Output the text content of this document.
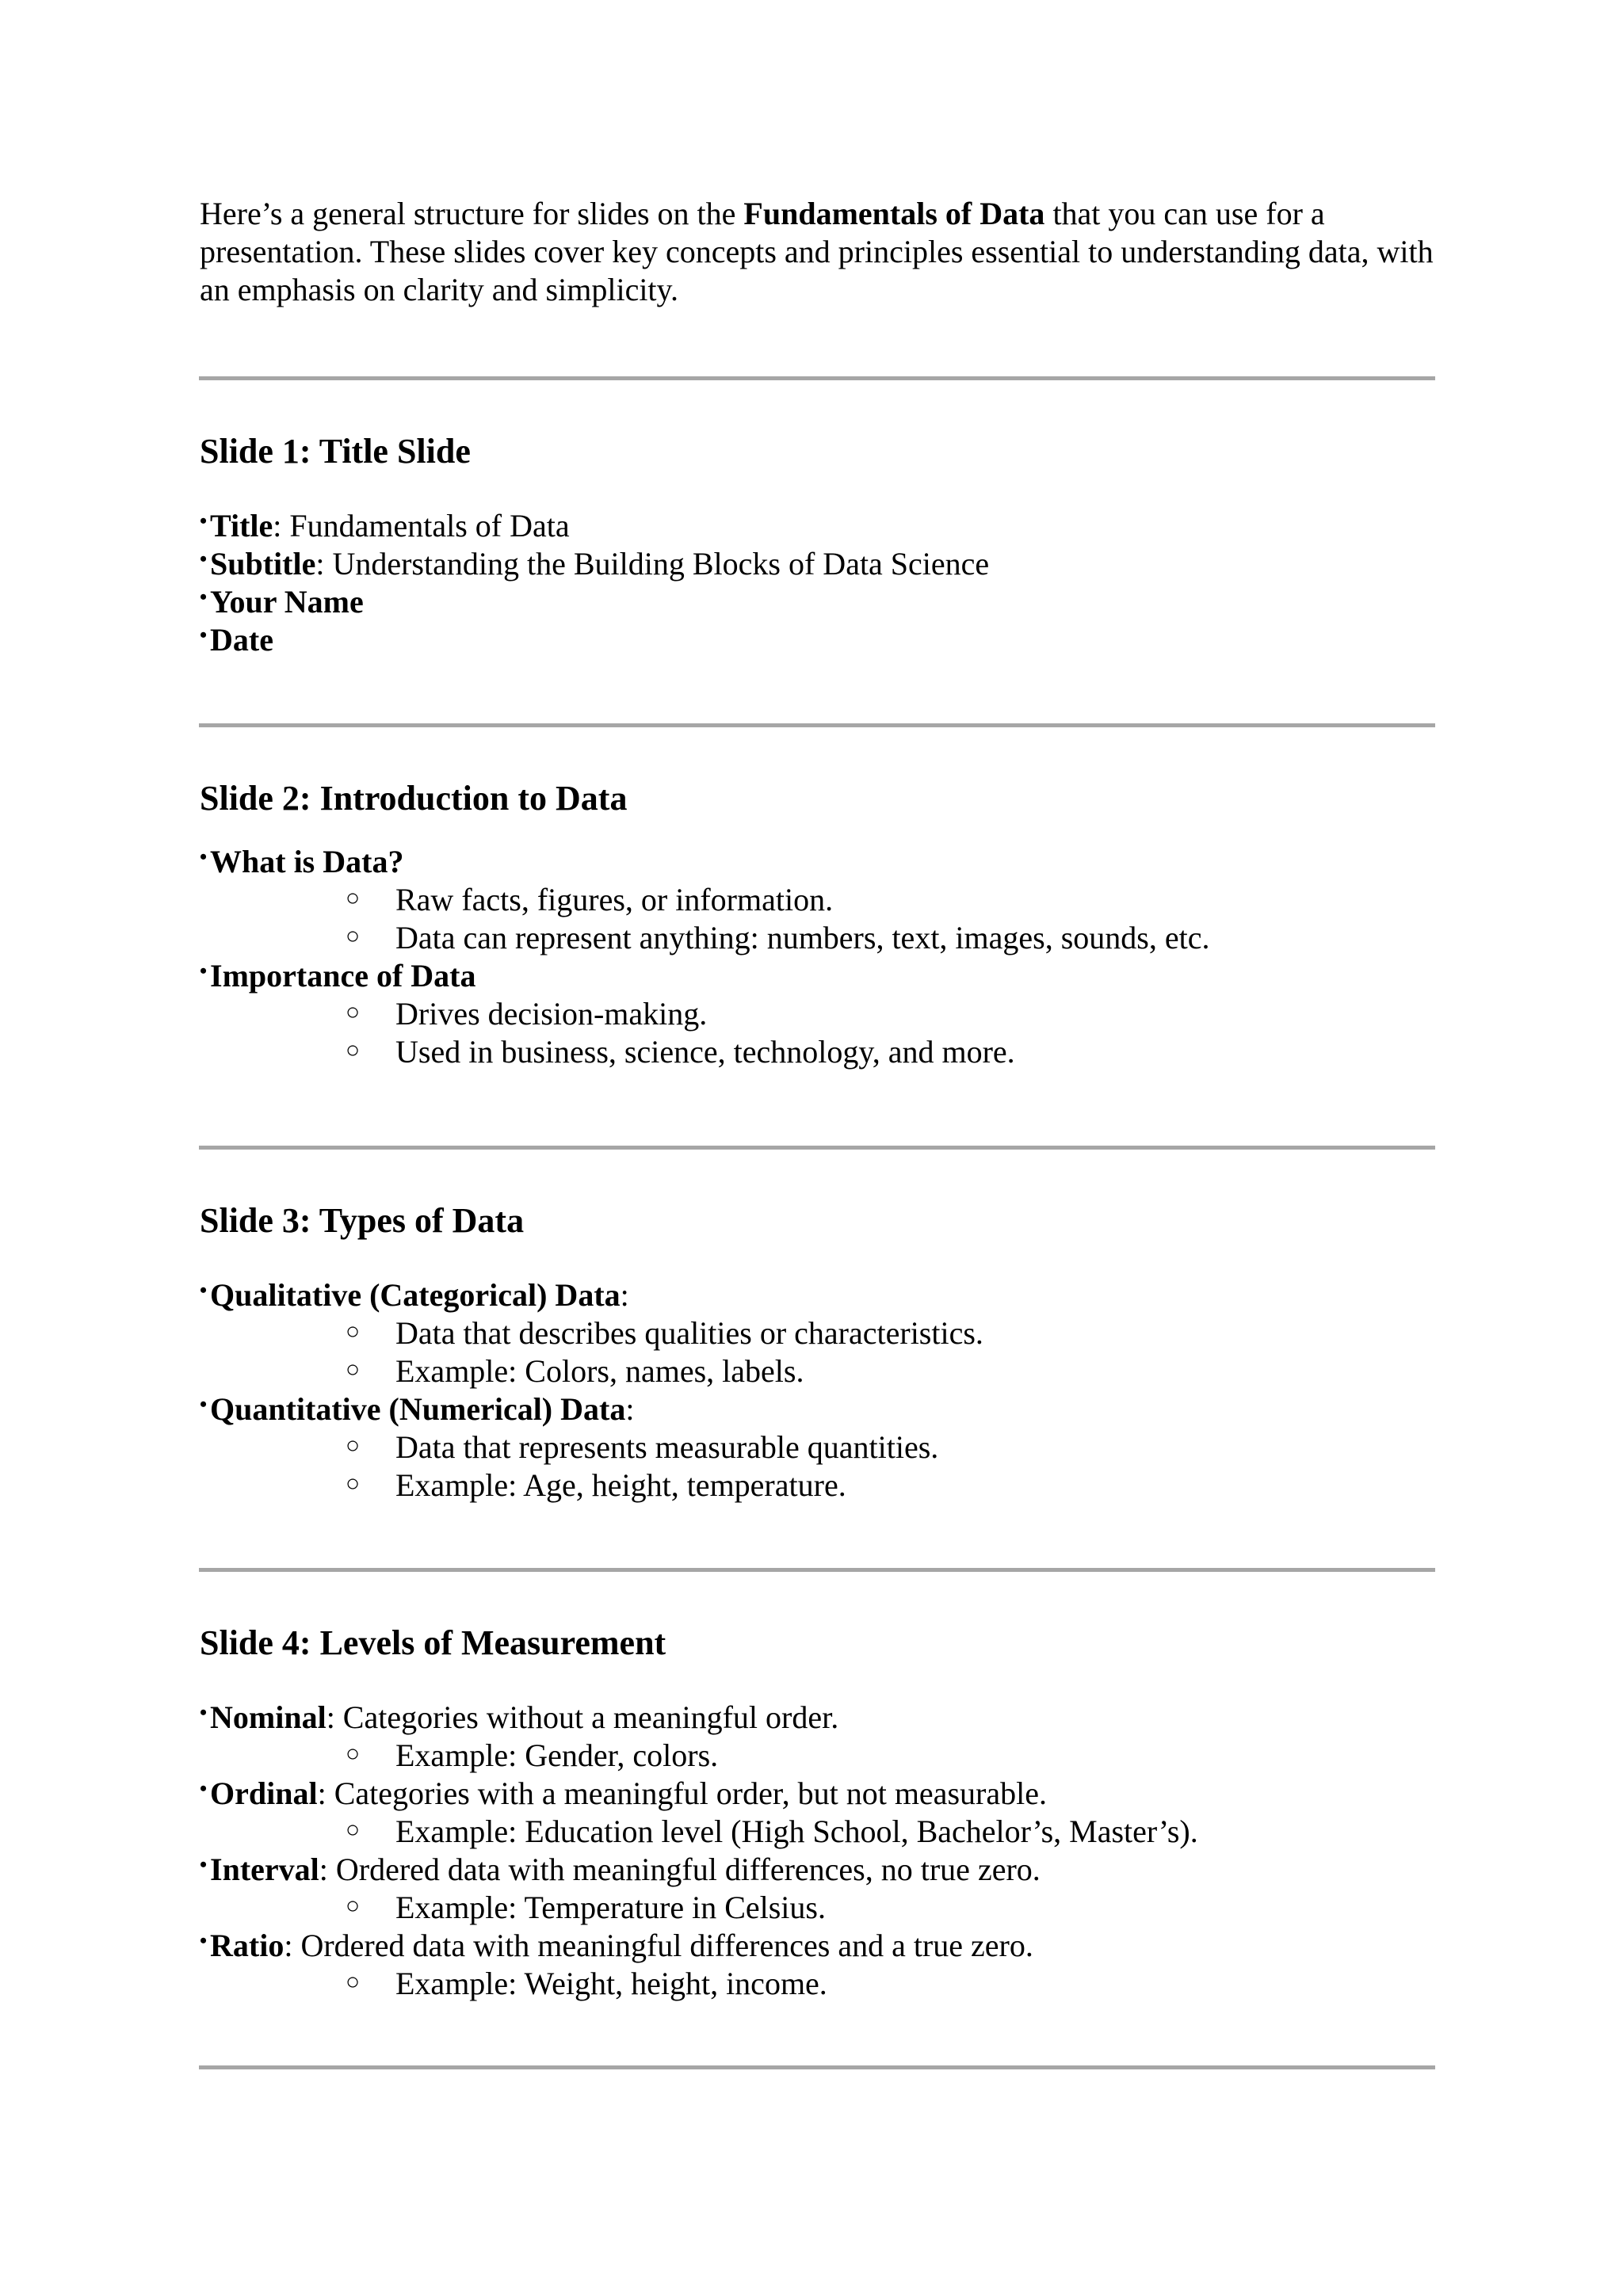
Here’s a general structure for slides on the Fundamentals of Data that you can use for a presentation. These slides cover key concepts and principles essential to understanding data, with an emphasis on clarity and simplicity.

Slide 1: Title Slide
• Title: Fundamentals of Data
• Subtitle: Understanding the Building Blocks of Data Science
• Your Name
• Date
Slide 2: Introduction to Data
• What is Data?
○ Raw facts, figures, or information.
○ Data can represent anything: numbers, text, images, sounds, etc.
• Importance of Data
○ Drives decision-making.
○ Used in business, science, technology, and more.
Slide 3: Types of Data
• Qualitative (Categorical) Data:
○ Data that describes qualities or characteristics.
○ Example: Colors, names, labels.
• Quantitative (Numerical) Data:
○ Data that represents measurable quantities.
○ Example: Age, height, temperature.
Slide 4: Levels of Measurement
• Nominal: Categories without a meaningful order.
○ Example: Gender, colors.
• Ordinal: Categories with a meaningful order, but not measurable.
○ Example: Education level (High School, Bachelor’s, Master’s).
• Interval: Ordered data with meaningful differences, no true zero.
○ Example: Temperature in Celsius.
• Ratio: Ordered data with meaningful differences and a true zero.
○ Example: Weight, height, income.
